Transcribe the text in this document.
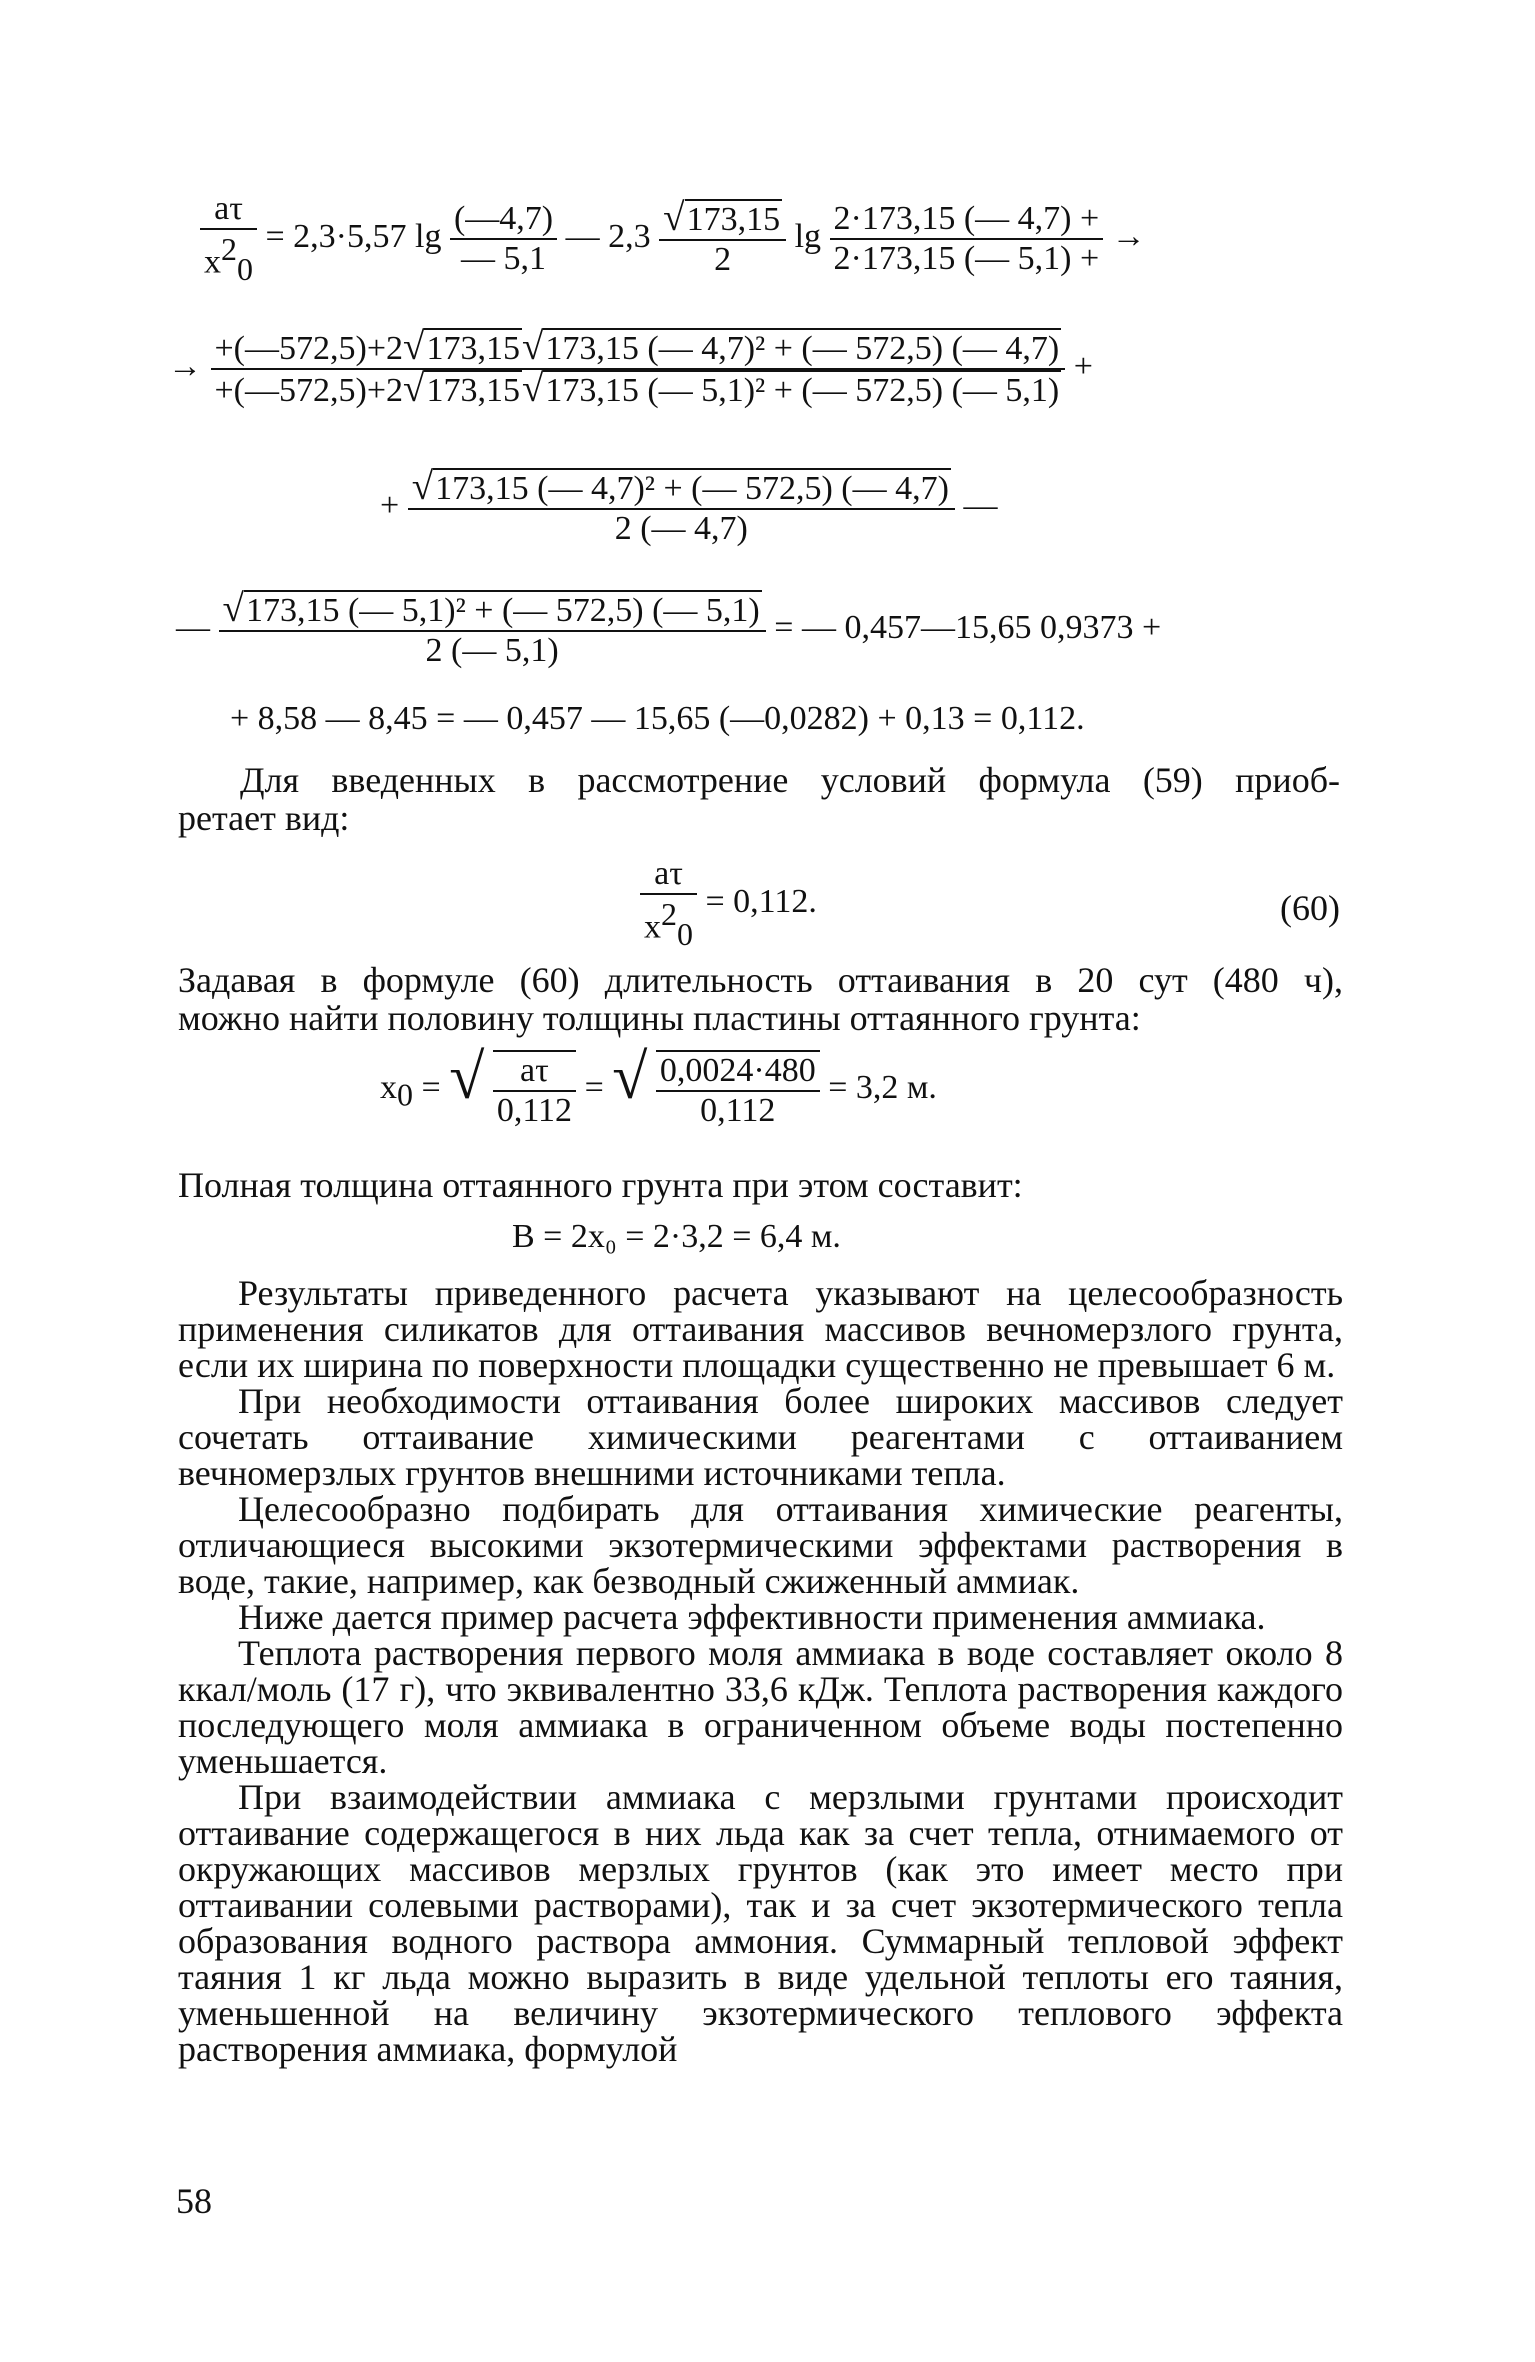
$\frac{a\tau}{x^2_0} = 2,3\cdot 5,57$ $\lg \frac{(—4,7)}{— 5,1}$ — $2,3 \frac{√173,15}{2}$ $\lg \frac{2\cdot 173,15 (— 4,7) +}{2\cdot 173,15 (— 5,1) +}$ →
→ $\frac{\text{+(—572,5)+2√173,15√173,15 (— 4,7)² + (— 572,5) (— 4,7)}}{\text{+(—572,5)+2√173,15√173,15 (— 5,1)² + (— 572,5) (— 5,1)}}$ +
+ $\frac{\text{√173,15 (— 4,7)² + (— 572,5) (— 4,7)}}{2 (— 4,7)}$ —
— $\frac{\text{√173,15 (— 5,1)² + (— 572,5) (— 5,1)}}{2 (— 5,1)}$ = — 0,457—15,65 0,9373 +
+ 8,58 — 8,45 = — 0,457 — 15,65 (—0,0282) + 0,13 = 0,112.
Для введенных в рассмотрение условий формула (59) приоб-
ретает вид:
$\frac{a\tau}{x^2_0} = 0,112$.	(60)
Задавая в формуле (60) длительность оттаивания в 20 сут (480 ч),
можно найти половину толщины пластины оттаянного грунта:
$x_0$ = √ $\frac{a\tau}{0,112}$ = √ $\frac{0,0024\cdot 480}{0,112} = 3,2$ м.
Полная толщина оттаянного грунта при этом составит:
B = 2x₀ = 2·3,2 = 6,4 м.

Результаты приведенного расчета указывают на целесообразность применения силикатов для оттаивания массивов вечномерзлого грунта, если их ширина по поверхности площадки существенно не превышает 6 м.

При необходимости оттаивания более широких массивов следует сочетать оттаивание химическими реагентами с оттаиванием вечномерзлых грунтов внешними источниками тепла.

Целесообразно подбирать для оттаивания химические реагенты, отличающиеся высокими экзотермическими эффектами растворения в воде, такие, например, как безводный сжиженный аммиак.

Ниже дается пример расчета эффективности применения аммиака.

Теплота растворения первого моля аммиака в воде составляет около 8 ккал/моль (17 г), что эквивалентно 33,6 кДж. Теплота растворения каждого последующего моля аммиака в ограниченном объеме воды постепенно уменьшается.

При взаимодействии аммиака с мерзлыми грунтами происходит оттаивание содержащегося в них льда как за счет тепла, отнимаемого от окружающих массивов мерзлых грунтов (как это имеет место при оттаивании солевыми растворами), так и за счет экзотермического тепла образования водного раствора аммония. Суммарный тепловой эффект таяния 1 кг льда можно выразить в виде удельной теплоты его таяния, уменьшенной на величину экзотермического теплового эффекта растворения аммиака, формулой

58
